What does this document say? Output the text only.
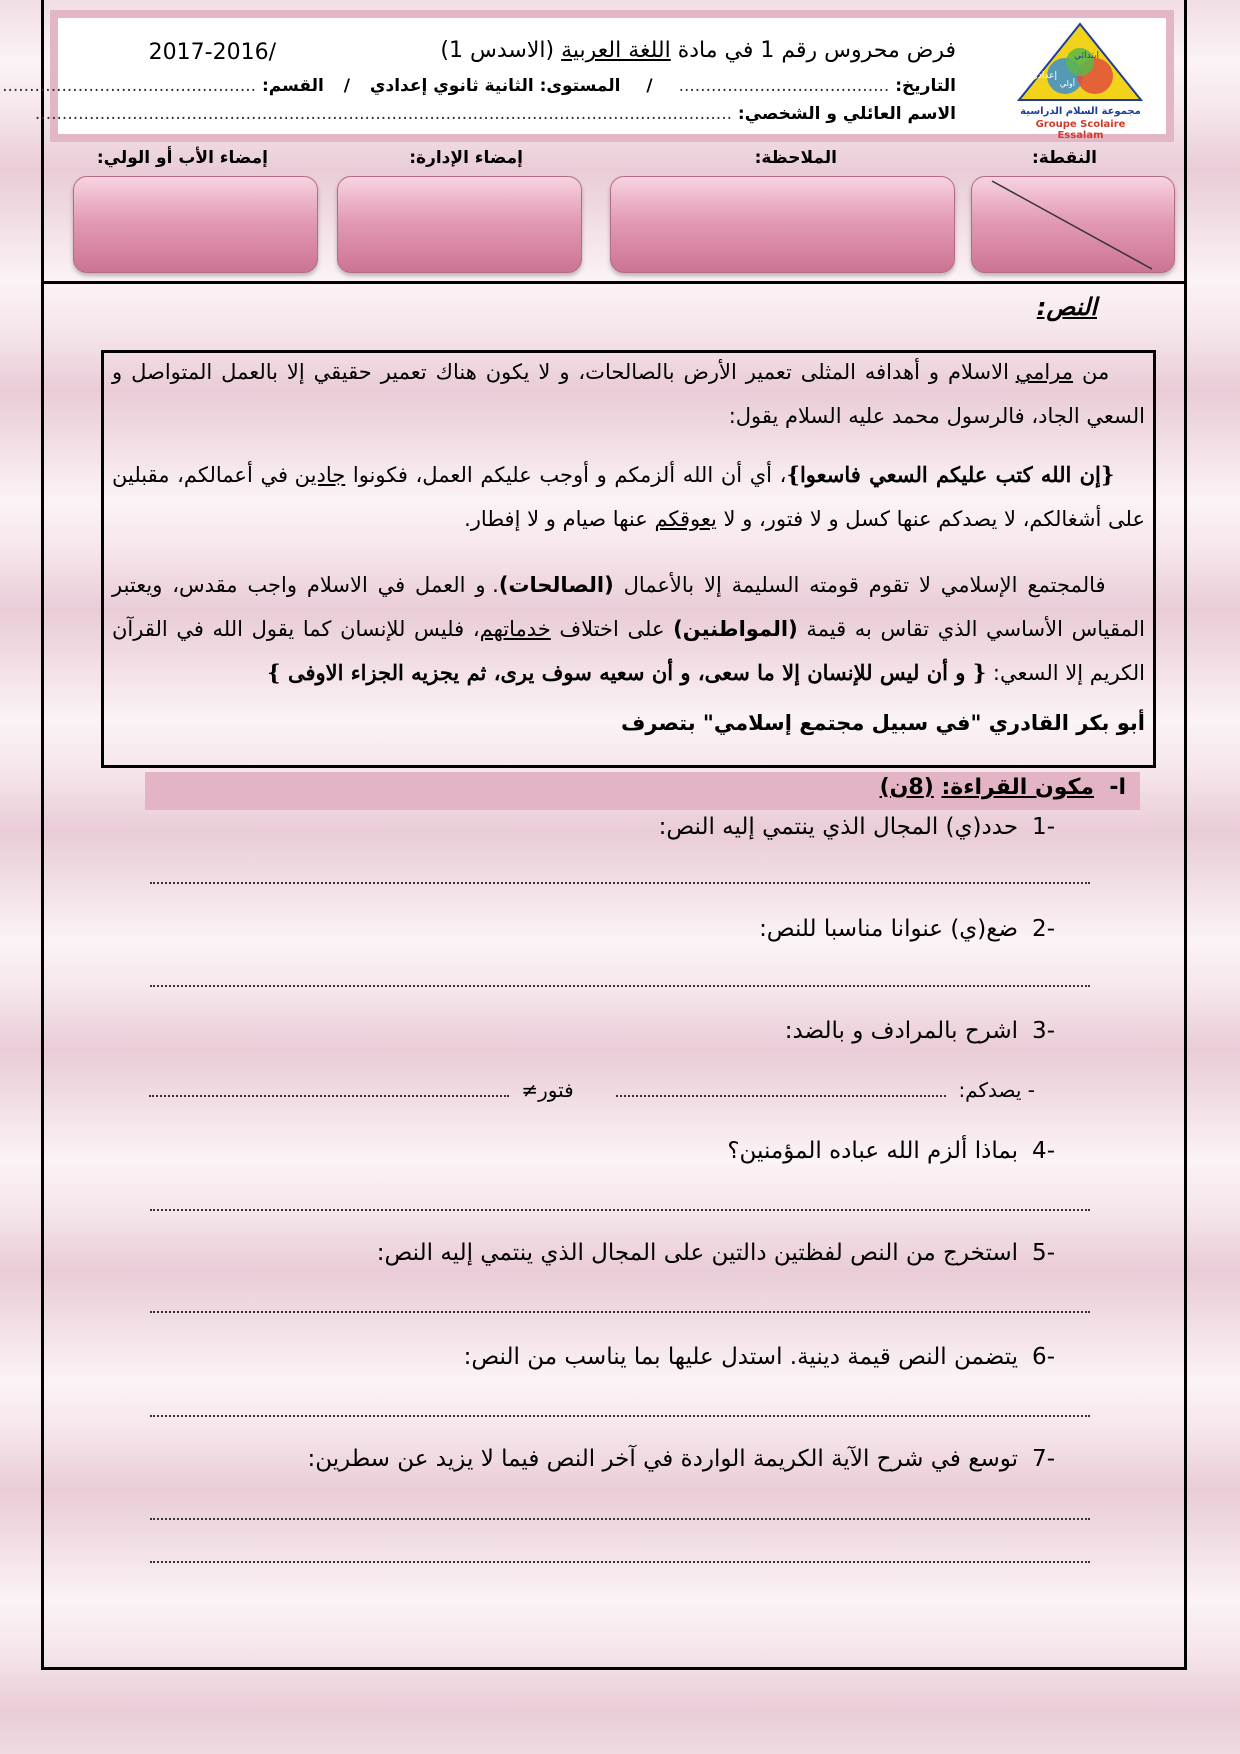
ابتدائي
إعدادي
أولي
مجموعة السلام الدراسية
Groupe Scolaire Essalam
فرض محروس رقم 1 في مادة اللغة العربية (الاسدس 1)
2017-2016/
التاريخ: ....................................... / المستوى: الثانية ثانوي إعدادي / القسم: ...............................................
الاسم العائلي و الشخصي: .................................................................................................................................
النقطة:
الملاحظة:
إمضاء الإدارة:
إمضاء الأب أو الولي:
النص:
من مرامي الاسلام و أهدافه المثلى تعمير الأرض بالصالحات، و لا يكون هناك تعمير حقيقي إلا بالعمل المتواصل و السعي الجاد، فالرسول محمد عليه السلام يقول:
{إن الله كتب عليكم السعي فاسعوا}، أي أن الله ألزمكم و أوجب عليكم العمل، فكونوا جادين في أعمالكم، مقبلين على أشغالكم، لا يصدكم عنها كسل و لا فتور، و لا يعوقكم عنها صيام و لا إفطار.
فالمجتمع الإسلامي لا تقوم قومته السليمة إلا بالأعمال (الصالحات). و العمل في الاسلام واجب مقدس، ويعتبر المقياس الأساسي الذي تقاس به قيمة (المواطنين) على اختلاف خدماتهم، فليس للإنسان كما يقول الله في القرآن الكريم إلا السعي: { و أن ليس للإنسان إلا ما سعى، و أن سعيه سوف يرى، ثم يجزيه الجزاء الاوفى }
أبو بكر القادري "في سبيل مجتمع إسلامي" بتصرف
ا-  مكون القراءة: (8ن)
-1حدد(ي) المجال الذي ينتمي إليه النص:
-2ضع(ي) عنوانا مناسبا للنص:
-3اشرح بالمرادف و بالضد:
- يصدكم:  فتور≠
-4بماذا ألزم الله عباده المؤمنين؟
-5استخرج من النص لفظتين دالتين على المجال الذي ينتمي إليه النص:
-6يتضمن النص قيمة دينية. استدل عليها بما يناسب من النص:
-7توسع في شرح الآية الكريمة الواردة في آخر النص فيما لا يزيد عن سطرين:
